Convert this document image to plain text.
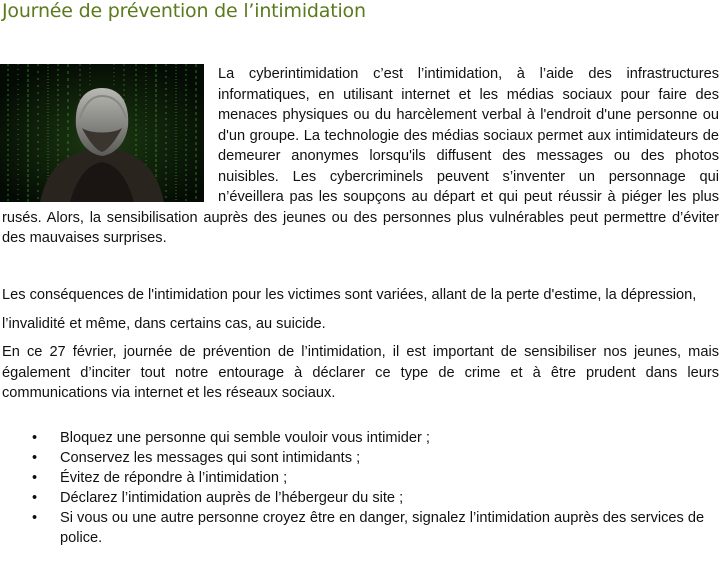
Journée de prévention de l’intimidation
La cyberintimidation c’est l’intimidation, à l’aide des infrastructures informatiques, en utilisant internet et les médias sociaux pour faire des menaces physiques ou du harcèlement verbal à l'endroit d'une personne ou d'un groupe. La technologie des médias sociaux permet aux intimidateurs de demeurer anonymes lorsqu'ils diffusent des messages ou des photos nuisibles. Les cybercriminels peuvent s’inventer un personnage qui n’éveillera pas les soupçons au départ et qui peut réussir à piéger les plus rusés. Alors, la sensibilisation auprès des jeunes ou des personnes plus vulnérables peut permettre d’éviter des mauvaises surprises.
Les conséquences de l'intimidation pour les victimes sont variées, allant de la perte d'estime, la dépression, l’invalidité et même, dans certains cas, au suicide.
En ce 27 février, journée de prévention de l’intimidation, il est important de sensibiliser nos jeunes, mais également d’inciter tout notre entourage à déclarer ce type de crime et à être prudent dans leurs communications via internet et les réseaux sociaux.
• Bloquez une personne qui semble vouloir vous intimider ;
• Conservez les messages qui sont intimidants ;
• Évitez de répondre à l’intimidation ;
• Déclarez l’intimidation auprès de l’hébergeur du site ;
• Si vous ou une autre personne croyez être en danger, signalez l’intimidation auprès des services de police.
